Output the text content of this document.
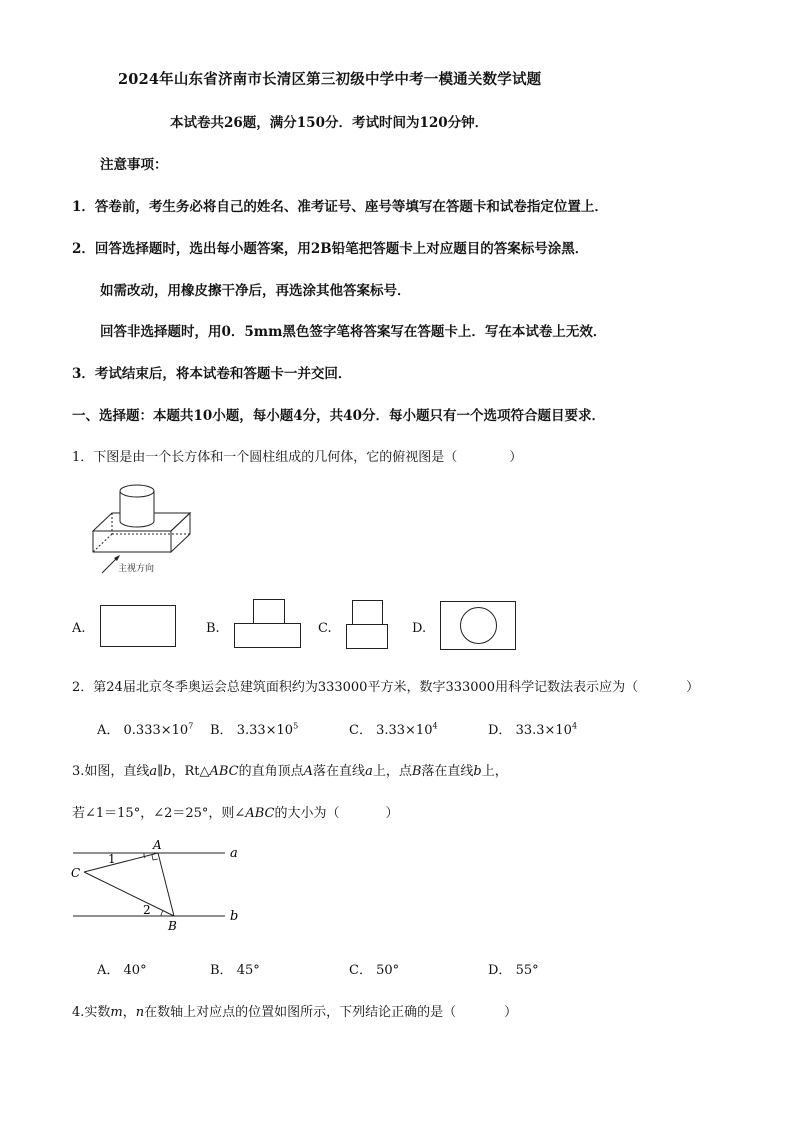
2024年山东省济南市长清区第三初级中学中考一模通关数学试题
本试卷共26题，满分150分．考试时间为120分钟．
注意事项：
1．答卷前，考生务必将自己的姓名、准考证号、座号等填写在答题卡和试卷指定位置上．
2．回答选择题时，选出每小题答案，用2B铅笔把答题卡上对应题目的答案标号涂黑．
如需改动，用橡皮擦干净后，再选涂其他答案标号．
回答非选择题时，用0．5mm黑色签字笔将答案写在答题卡上．写在本试卷上无效．
3．考试结束后，将本试卷和答题卡一并交回．
一、选择题：本题共10小题，每小题4分，共40分．每小题只有一个选项符合题目要求．
1．下图是由一个长方体和一个圆柱组成的几何体，它的俯视图是（	）
主视方向
A.	B.	C.	D.
2．第24届北京冬季奥运会总建筑面积约为333000平方米，数字333000用科学记数法表示应为（	）
A． $0.333\times 10^7$ B． $3.33\times 10^5$	C． $3.33\times 10^4$	D． $33.3\times 10^4$
3.如图，直线a∥b，Rt△ABC的直角顶点A落在直线a上，点B落在直线b上，
若∠1＝15°，∠2＝25°，则∠ABC的大小为（	）
A
C
B
a
b
1
2
A． 40°	B． 45°	C． 50°	D． 55°
4.实数m，n在数轴上对应点的位置如图所示，下列结论正确的是（	）
